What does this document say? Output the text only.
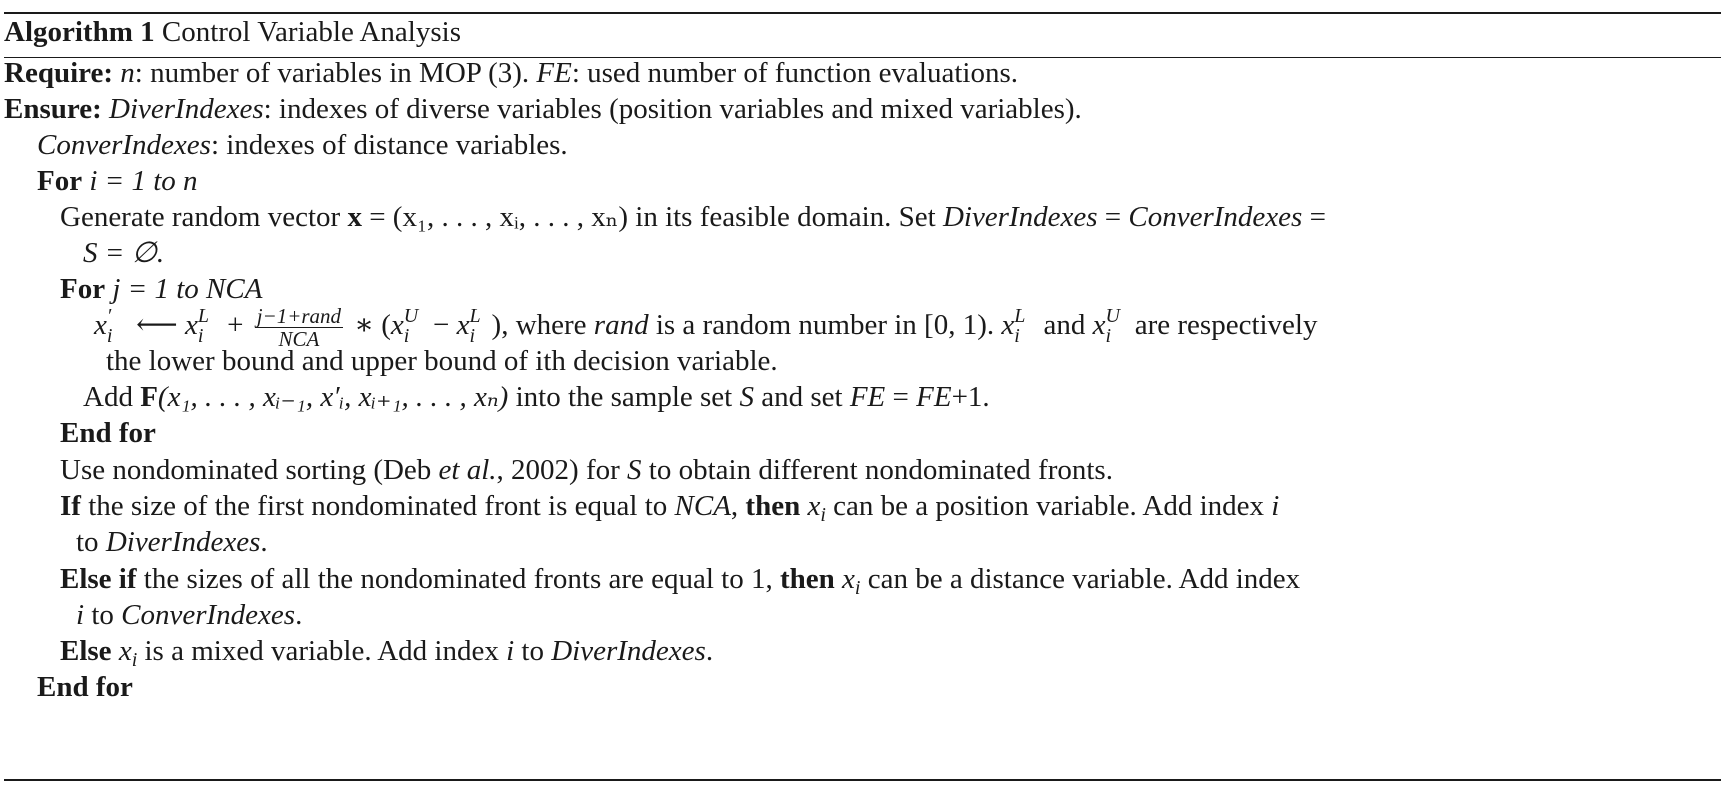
Algorithm 1 Control Variable Analysis
Require: n: number of variables in MOP (3). FE: used number of function evaluations.
Ensure: DiverIndexes: indexes of diverse variables (position variables and mixed variables).
ConverIndexes: indexes of distance variables.
For i = 1 to n
Generate random vector x = (x₁, . . . , xᵢ, . . . , xₙ) in its feasible domain. Set DiverIndexes = ConverIndexes =
S = ∅.
For j = 1 to NCA
x ′
i ⟵ x L
$i + \frac{\text{j−1+rand}}{\text{NCA}}$ ∗ (x U
i − x L
i ), where rand is a random number in [0, 1). x L
i and x U
i are respectively
the lower bound and upper bound of ith decision variable.
Add F(x₁, . . . , xᵢ₋₁, x′ᵢ, xᵢ₊₁, . . . , xₙ) into the sample set S and set FE = FE+1.
End for
Use nondominated sorting (Deb et al., 2002) for S to obtain different nondominated fronts.
If the size of the first nondominated front is equal to NCA, then $x_i$ can be a position variable. Add index i
to DiverIndexes.
Else if the sizes of all the nondominated fronts are equal to 1, then $x_i$ can be a distance variable. Add index
i to ConverIndexes.
Else $x_i$ is a mixed variable. Add index i to DiverIndexes.
End for
